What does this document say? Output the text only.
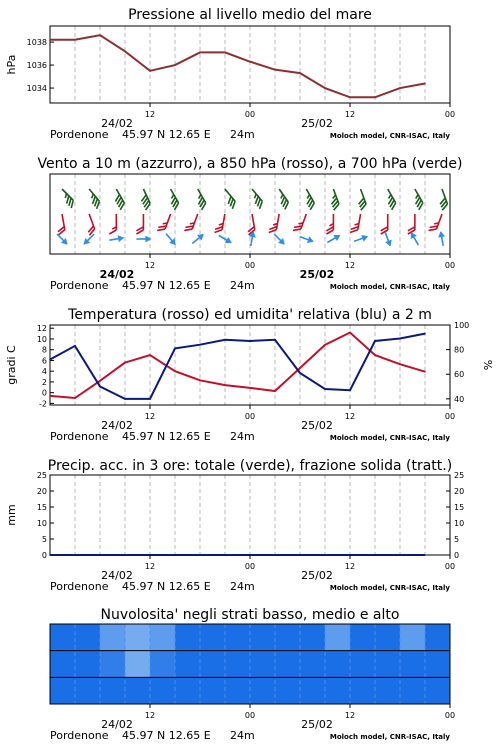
Pressione al livello medio del mare
12	00	12	00
24/02	25/02
Pordenone 45.97 N 12.65 E 24m	Moloch model, CNR-ISAC, Italy
1034
1036
1038
hPa
Vento a 10 m (azzurro), a 850 hPa (rosso), a 700 hPa (verde)
12	00	12	00
24/02	25/02
Pordenone 45.97 N 12.65 E 24m	Moloch model, CNR-ISAC, Italy
Temperatura (rosso) ed umidita' relativa (blu) a 2 m
12	00	12	00
24/02	25/02
Pordenone 45.97 N 12.65 E 24m	Moloch model, CNR-ISAC, Italy
-2
0
2
4
6
8
10
12
gradi C
40
60
80
100
%
Precip. acc. in 3 ore: totale (verde), frazione solida (tratt.)
12	00	12	00
24/02	25/02
Pordenone 45.97 N 12.65 E 24m	Moloch model, CNR-ISAC, Italy
0
5
10
15
20
25
mm
0
5
10
15
20
25
Nuvolosita' negli strati basso, medio e alto
12	00	12	00
24/02	25/02
Pordenone 45.97 N 12.65 E 24m	Moloch model, CNR-ISAC, Italy
